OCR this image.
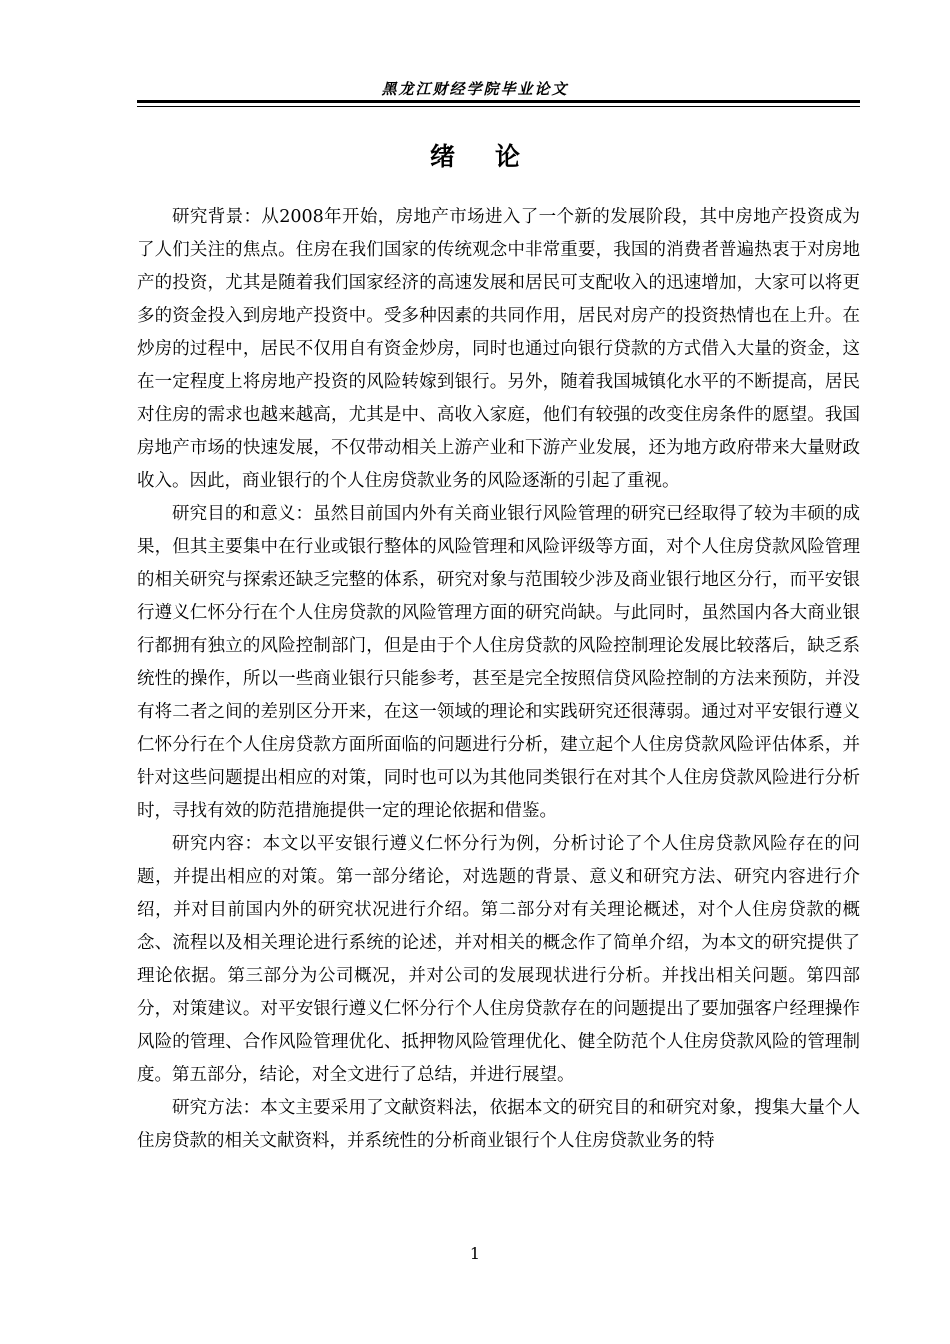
黑龙江财经学院毕业论文
绪论

研究背景：从2008年开始，房地产市场进入了一个新的发展阶段，其中房地产投资成为了人们关注的焦点。住房在我们国家的传统观念中非常重要，我国的消费者普遍热衷于对房地产的投资，尤其是随着我们国家经济的高速发展和居民可支配收入的迅速增加，大家可以将更多的资金投入到房地产投资中。受多种因素的共同作用，居民对房产的投资热情也在上升。在炒房的过程中，居民不仅用自有资金炒房，同时也通过向银行贷款的方式借入大量的资金，这在一定程度上将房地产投资的风险转嫁到银行。另外，随着我国城镇化水平的不断提高，居民对住房的需求也越来越高，尤其是中、高收入家庭，他们有较强的改变住房条件的愿望。我国房地产市场的快速发展，不仅带动相关上游产业和下游产业发展，还为地方政府带来大量财政收入。因此，商业银行的个人住房贷款业务的风险逐渐的引起了重视。

研究目的和意义：虽然目前国内外有关商业银行风险管理的研究已经取得了较为丰硕的成果，但其主要集中在行业或银行整体的风险管理和风险评级等方面，对个人住房贷款风险管理的相关研究与探索还缺乏完整的体系，研究对象与范围较少涉及商业银行地区分行，而平安银行遵义仁怀分行在个人住房贷款的风险管理方面的研究尚缺。与此同时，虽然国内各大商业银行都拥有独立的风险控制部门，但是由于个人住房贷款的风险控制理论发展比较落后，缺乏系统性的操作，所以一些商业银行只能参考，甚至是完全按照信贷风险控制的方法来预防，并没有将二者之间的差别区分开来，在这一领域的理论和实践研究还很薄弱。通过对平安银行遵义仁怀分行在个人住房贷款方面所面临的问题进行分析，建立起个人住房贷款风险评估体系，并针对这些问题提出相应的对策，同时也可以为其他同类银行在对其个人住房贷款风险进行分析时，寻找有效的防范措施提供一定的理论依据和借鉴。

研究内容：本文以平安银行遵义仁怀分行为例，分析讨论了个人住房贷款风险存在的问题，并提出相应的对策。第一部分绪论，对选题的背景、意义和研究方法、研究内容进行介绍，并对目前国内外的研究状况进行介绍。第二部分对有关理论概述，对个人住房贷款的概念、流程以及相关理论进行系统的论述，并对相关的概念作了简单介绍，为本文的研究提供了理论依据。第三部分为公司概况，并对公司的发展现状进行分析。并找出相关问题。第四部分，对策建议。对平安银行遵义仁怀分行个人住房贷款存在的问题提出了要加强客户经理操作风险的管理、合作风险管理优化、抵押物风险管理优化、健全防范个人住房贷款风险的管理制度。第五部分，结论，对全文进行了总结，并进行展望。

研究方法：本文主要采用了文献资料法，依据本文的研究目的和研究对象，搜集大量个人住房贷款的相关文献资料，并系统性的分析商业银行个人住房贷款业务的特

1
